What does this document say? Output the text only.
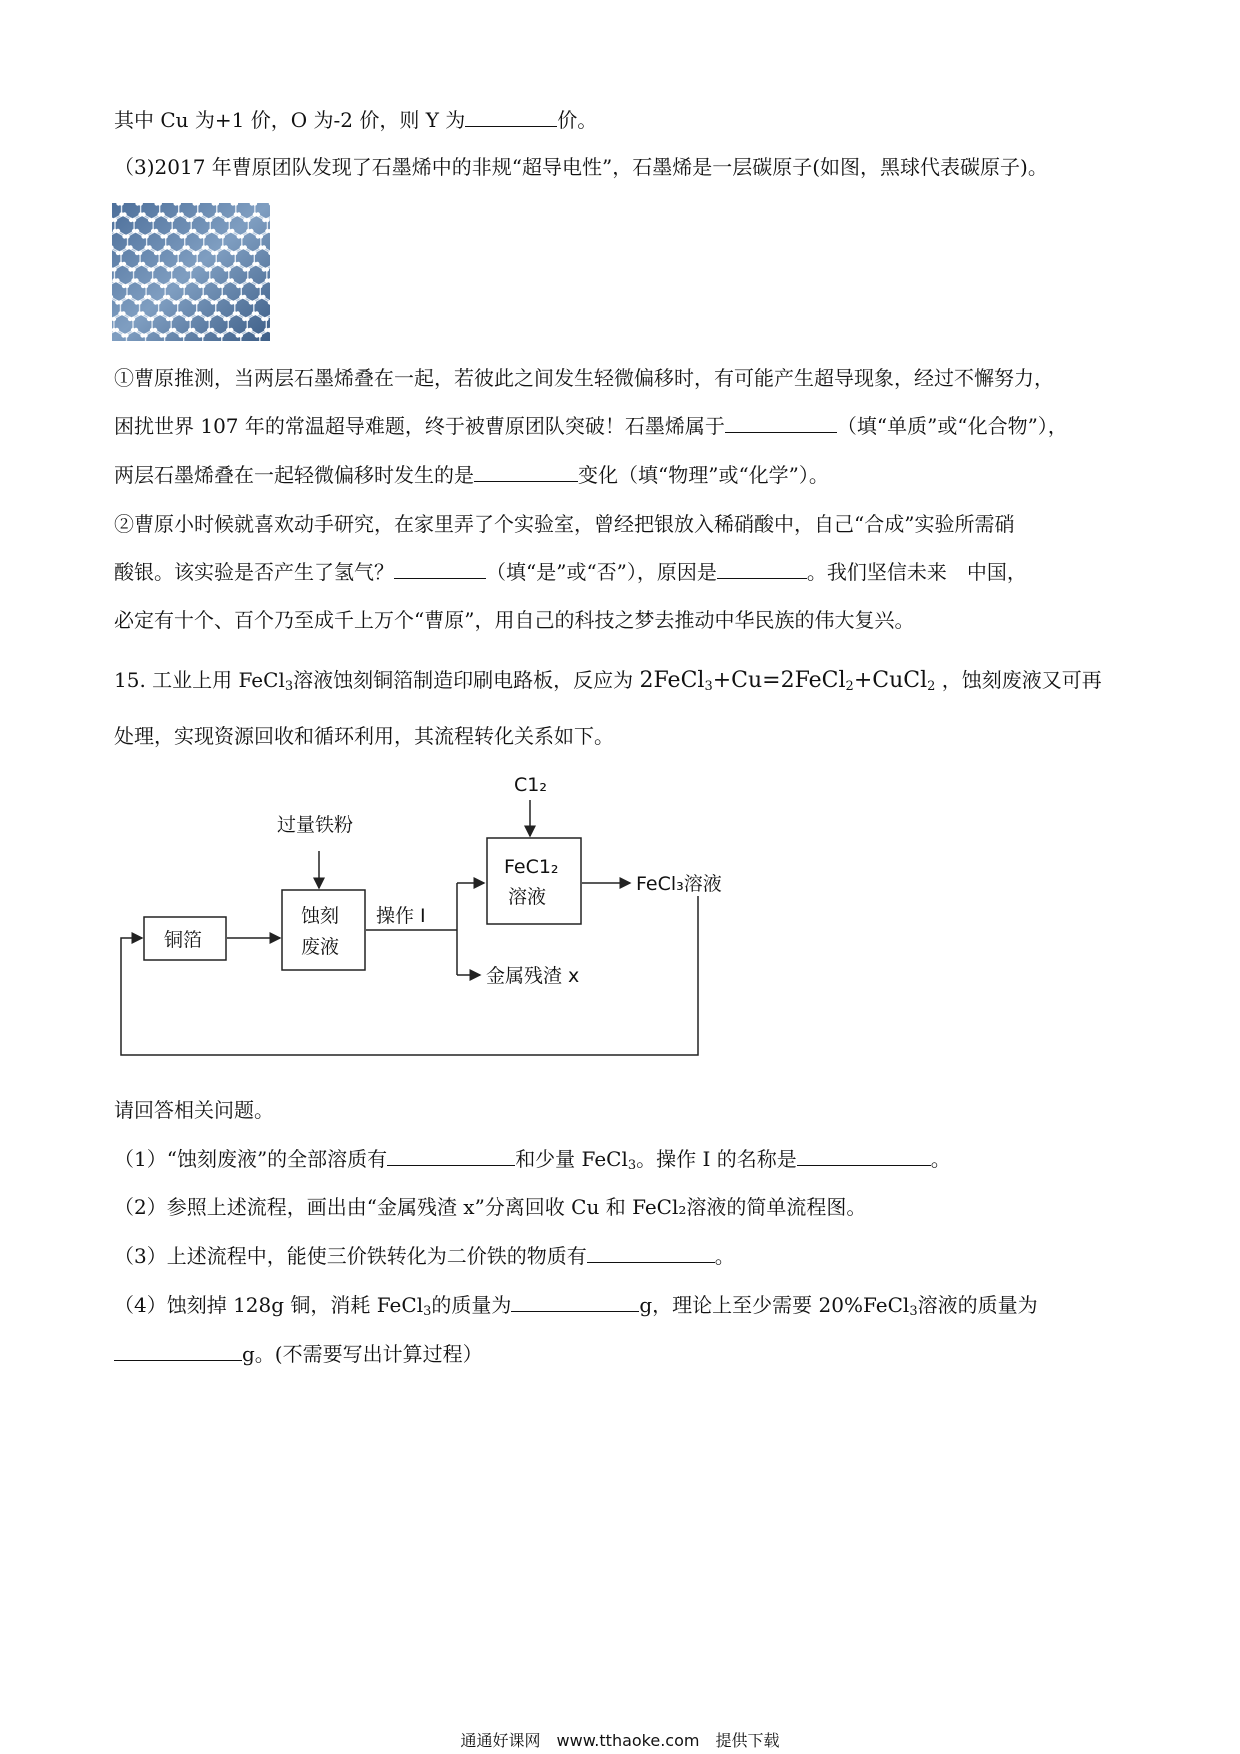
其中 Cu 为+1 价，O 为-2 价，则 Y 为	价。
（3)2017 年曹原团队发现了石墨烯中的非规“超导电性”，石墨烯是一层碳原子(如图，黑球代表碳原子)。
①曹原推测，当两层石墨烯叠在一起，若彼此之间发生轻微偏移时，有可能产生超导现象，经过不懈努力，
困扰世界 107 年的常温超导难题，终于被曹原团队突破！石墨烯属于	（填“单质”或“化合物”），
两层石墨烯叠在一起轻微偏移时发生的是	变化（填“物理”或“化学”）。
②曹原小时候就喜欢动手研究，在家里弄了个实验室，曾经把银放入稀硝酸中，自己“合成”实验所需硝
酸银。该实验是否产生了氢气？	（填“是”或“否”），原因是	。我们坚信未来　中国，
必定有十个、百个乃至成千上万个“曹原”，用自己的科技之梦去推动中华民族的伟大复兴。
15. 工业上用 FeCl$_3$溶液蚀刻铜箔制造印刷电路板，反应为 2FeCl$_3$+Cu=2FeCl$_2$+CuCl$_2$ ，蚀刻废液又可再
处理，实现资源回收和循环利用，其流程转化关系如下。
C1₂
过量铁粉
铜箔
蚀刻
废液
操作 I
FeC1₂
溶液
FeCl₃溶液
金属残渣 x
请回答相关问题。
（1）“蚀刻废液”的全部溶质有	和少量 FeCl$_3$。操作 I 的名称是	。
（2）参照上述流程，画出由“金属残渣 x”分离回收 Cu 和 FeCl₂溶液的简单流程图。
（3）上述流程中，能使三价铁转化为二价铁的物质有	。
（4）蚀刻掉 128g 铜，消耗 FeCl$_3$的质量为	g，理论上至少需要 20%FeCl$_3$溶液的质量为
g。(不需要写出计算过程）
通通好课网　www.tthaoke.com　提供下载
